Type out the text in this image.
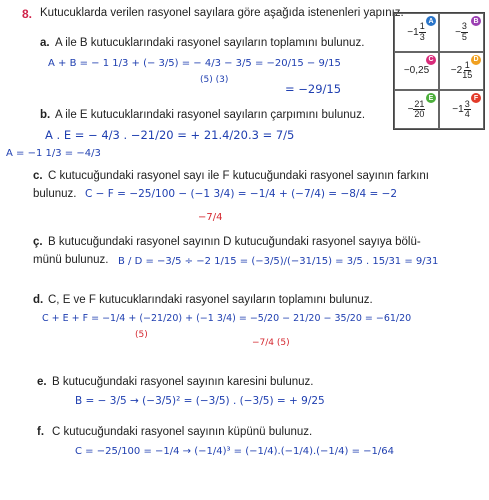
8. Kutucuklarda verilen rasyonel sayılara göre aşağıda istenenleri yapınız.
A
$-1 \frac{1}{3}$
B
− $\frac{3}{5}$
C
−0,25
D
$-2 \frac{1}{15}$
E
− $\frac{21}{20}$
F
$-1 \frac{3}{4}$
a. A ile B kutucuklarındaki rasyonel sayıların toplamını bulunuz.
A + B = − 1 1/3 + (− 3/5) = − 4/3 − 3/5 = −20/15 − 9/15
(5) (3)
= −29/15
b. A ile E kutucuklarındaki rasyonel sayıların çarpımını bulunuz.
A . E = − 4/3 . −21/20 = + 21.4/20.3 = 7/5
A = −1 1/3 = −4/3
c. C kutucuğundaki rasyonel sayı ile F kutucuğundaki rasyonel sayının farkını
bulunuz. C − F = −25/100 − (−1 3/4) = −1/4 + (−7/4) = −8/4 = −2
−7/4
ç. B kutucuğundaki rasyonel sayının D kutucuğundaki rasyonel sayıya bölü-
münü bulunuz. B / D = −3/5 ÷ −2 1/15 = (−3/5)/(−31/15) = 3/5 . 15/31 = 9/31
d. C, E ve F kutucuklarındaki rasyonel sayıların toplamını bulunuz.
C + E + F = −1/4 + (−21/20) + (−1 3/4) = −5/20 − 21/20 − 35/20 = −61/20
(5)
−7/4 (5)
e. B kutucuğundaki rasyonel sayının karesini bulunuz.
B = − 3/5 → (−3/5)² = (−3/5) . (−3/5) = + 9/25
f. C kutucuğundaki rasyonel sayının küpünü bulunuz.
C = −25/100 = −1/4 → (−1/4)³ = (−1/4).(−1/4).(−1/4) = −1/64
